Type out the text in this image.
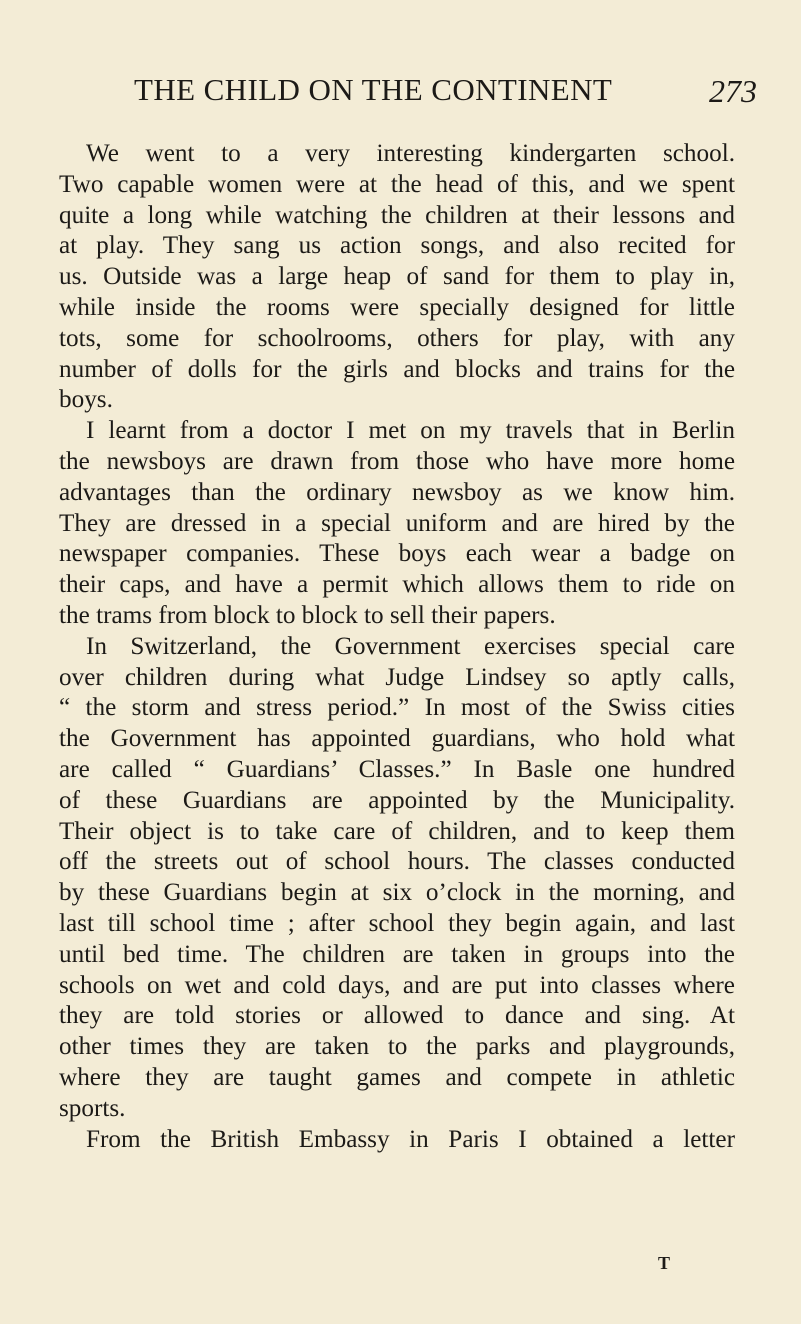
THE CHILD ON THE CONTINENT	273
We went to a very interesting kindergarten school.
Two capable women were at the head of this, and we spent
quite a long while watching the children at their lessons and
at play. They sang us action songs, and also recited for
us. Outside was a large heap of sand for them to play in,
while inside the rooms were specially designed for little
tots, some for schoolrooms, others for play, with any
number of dolls for the girls and blocks and trains for the
boys.
I learnt from a doctor I met on my travels that in Berlin
the newsboys are drawn from those who have more home
advantages than the ordinary newsboy as we know him.
They are dressed in a special uniform and are hired by the
newspaper companies. These boys each wear a badge on
their caps, and have a permit which allows them to ride on
the trams from block to block to sell their papers.
In Switzerland, the Government exercises special care
over children during what Judge Lindsey so aptly calls,
“ the storm and stress period.” In most of the Swiss cities
the Government has appointed guardians, who hold what
are called “ Guardians’ Classes.” In Basle one hundred
of these Guardians are appointed by the Municipality.
Their object is to take care of children, and to keep them
off the streets out of school hours. The classes conducted
by these Guardians begin at six o’clock in the morning, and
last till school time ; after school they begin again, and last
until bed time. The children are taken in groups into the
schools on wet and cold days, and are put into classes where
they are told stories or allowed to dance and sing. At
other times they are taken to the parks and playgrounds,
where they are taught games and compete in athletic
sports.
From the British Embassy in Paris I obtained a letter
T
